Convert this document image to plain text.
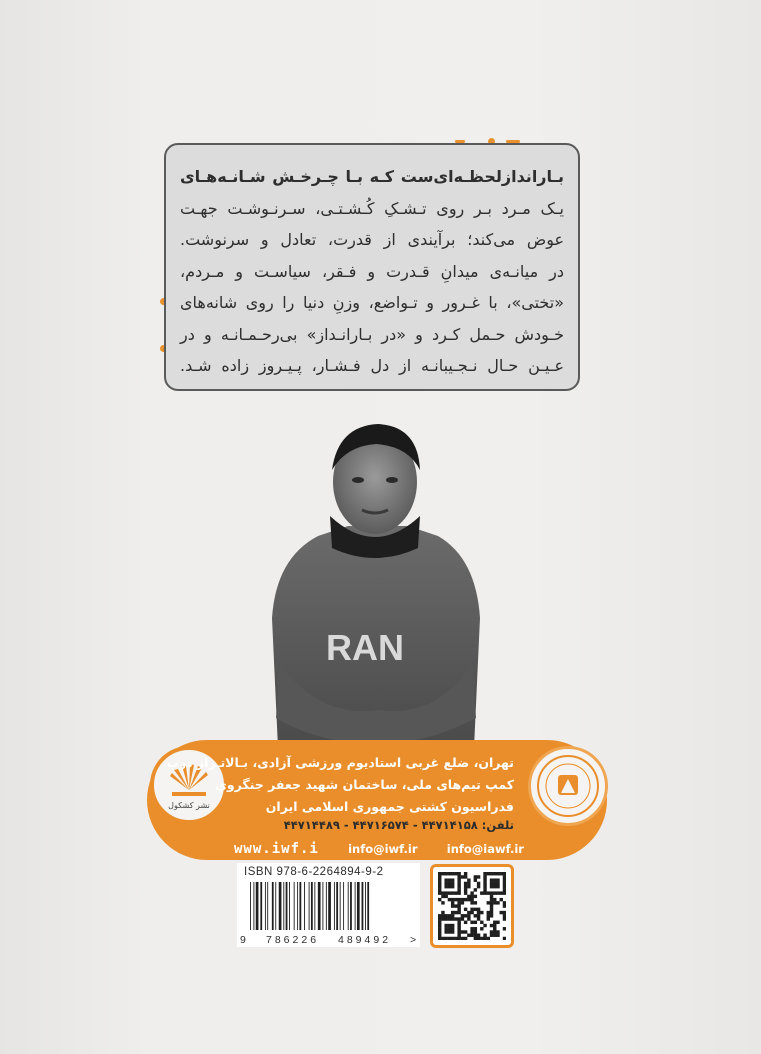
بـاراندازلحظـه‌ای‌ست کـه بـا چـرخـش شـانـه‌هـای

یـک مـرد بـر روی تـشـکِ کُـشـتـی، سـرنـوشـت جهـت

عوض می‌کند؛ برآیندی از قدرت، تعادل و سرنوشت.

در میانـه‌ی میدانِ قـدرت و فـقر، سیاسـت و مـردم،

«تختی»، با غـرور و تـواضع، وزنِ دنیا را روی شانه‌های

خـودش حـمل کـرد و «در بـارانـداز» بی‌رحـمـانـه و در

عـیـن حـال نـجـیبانـه از دل فـشـار، پـیـروز زاده شـد.

RAN
نشر کشکول
تهران، ضلع غربی استادیوم ورزشی آزادی، بـالاتـراز درب
کمپ تیم‌های ملی، ساختمان شهید جعفر جنگروی
فدراسیون کشتی جمهوری اسلامی ایران
تلفن: ۴۴۷۱۴۱۵۸ - ۴۴۷۱۶۵۷۴ - ۴۴۷۱۴۴۸۹
www.iwf.i	info@iwf.ir	info@iawf.ir
ISBN 978-6-2264894-9-2
9 786226 489492 >
